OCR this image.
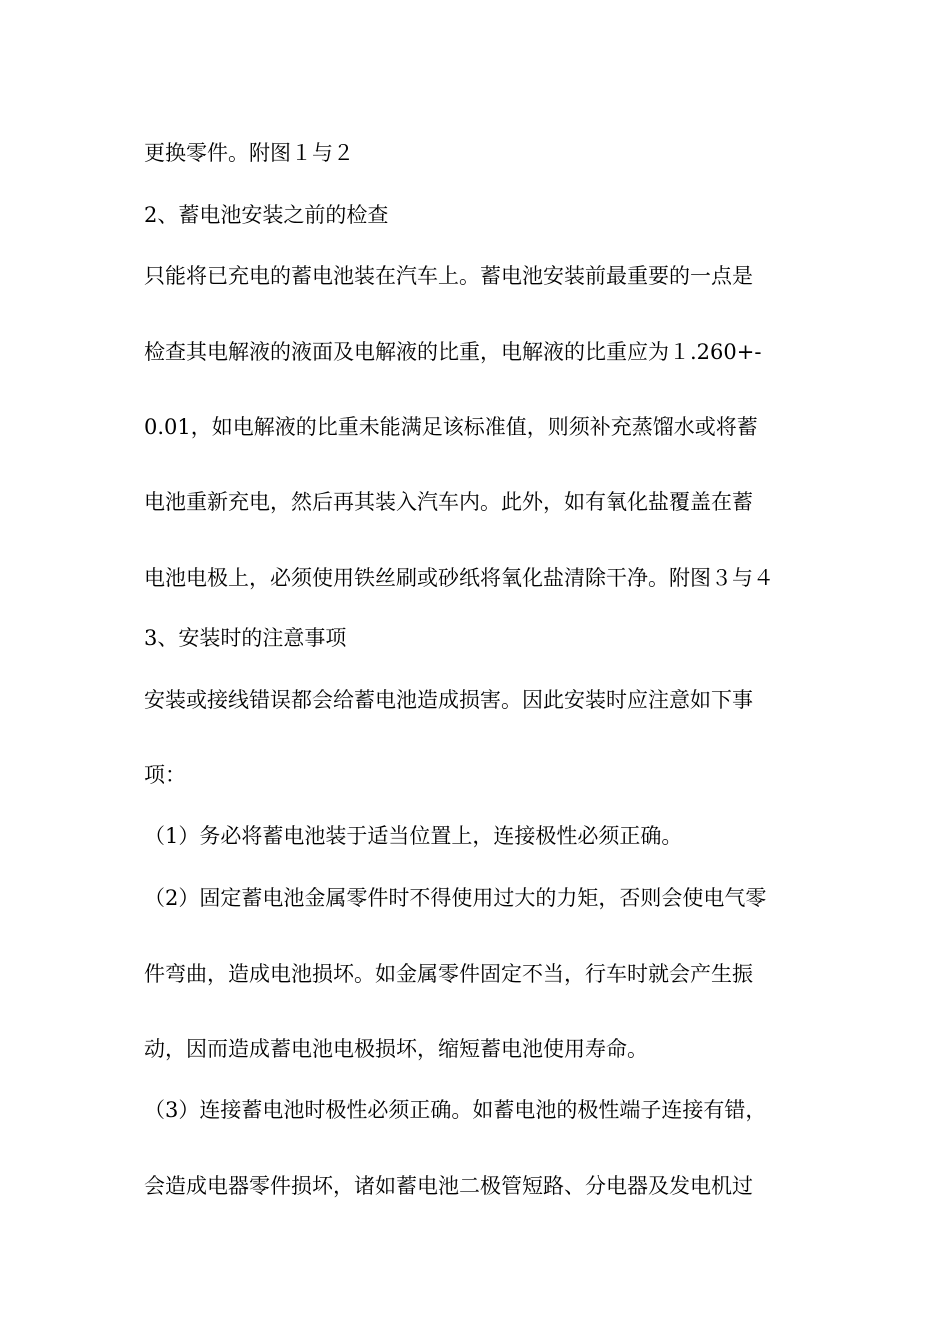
更换零件。附图１与２

2、蓄电池安装之前的检查

只能将已充电的蓄电池装在汽车上。蓄电池安装前最重要的一点是

检查其电解液的液面及电解液的比重，电解液的比重应为１.260+-

0.01，如电解液的比重未能满足该标准值，则须补充蒸馏水或将蓄

电池重新充电，然后再其装入汽车内。此外，如有氧化盐覆盖在蓄

电池电极上，必须使用铁丝刷或砂纸将氧化盐清除干净。附图３与４

3、安装时的注意事项

安装或接线错误都会给蓄电池造成损害。因此安装时应注意如下事

项：

（1）务必将蓄电池装于适当位置上，连接极性必须正确。

（2）固定蓄电池金属零件时不得使用过大的力矩，否则会使电气零

件弯曲，造成电池损坏。如金属零件固定不当，行车时就会产生振

动，因而造成蓄电池电极损坏，缩短蓄电池使用寿命。

（3）连接蓄电池时极性必须正确。如蓄电池的极性端子连接有错，

会造成电器零件损坏，诸如蓄电池二极管短路、分电器及发电机过
